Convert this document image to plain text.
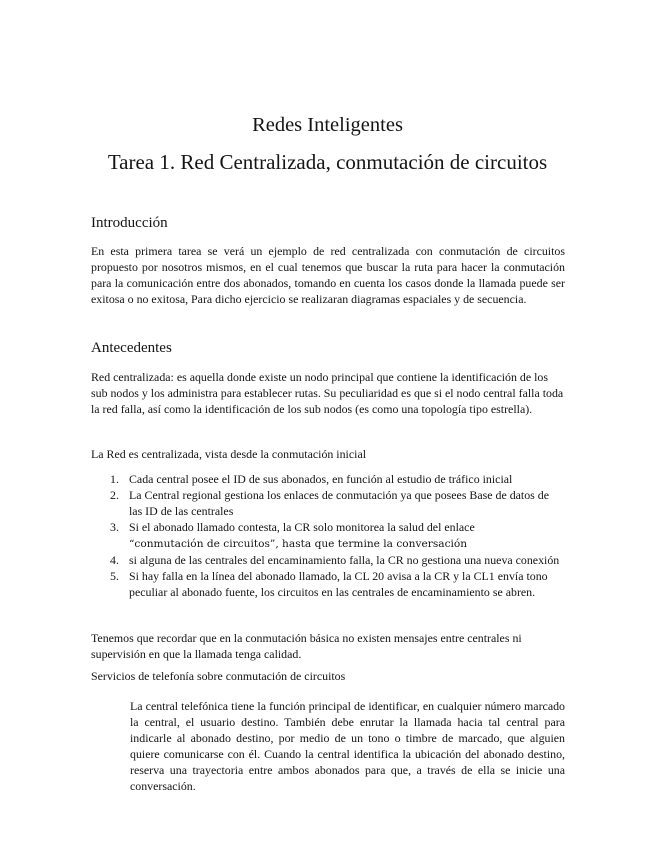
Redes Inteligentes
Tarea 1. Red Centralizada, conmutación de circuitos
Introducción
En esta primera tarea se verá un ejemplo de red centralizada con conmutación de circuitos propuesto por nosotros mismos, en el cual tenemos que buscar la ruta para hacer la conmutación para la comunicación entre dos abonados, tomando en cuenta los casos donde la llamada puede ser exitosa o no exitosa, Para dicho ejercicio se realizaran diagramas espaciales y de secuencia.
Antecedentes
Red centralizada: es aquella donde existe un nodo principal que contiene la identificación de los sub nodos y los administra para establecer rutas. Su peculiaridad es que si el nodo central falla toda la red falla, así como la identificación de los sub nodos (es como una topología tipo estrella).
La Red es centralizada, vista desde la conmutación inicial
1. Cada central posee el ID de sus abonados, en función al estudio de tráfico inicial
2. La Central regional gestiona los enlaces de conmutación ya que posees Base de datos de las ID de las centrales
3. Si el abonado llamado contesta, la CR solo monitorea la salud del enlace
“conmutación de circuitos”, hasta que termine la conversación
4. si alguna de las centrales del encaminamiento falla, la CR no gestiona una nueva conexión
5. Si hay falla en la línea del abonado llamado, la CL 20 avisa a la CR y la CL1 envía tono peculiar al abonado fuente, los circuitos en las centrales de encaminamiento se abren.
Tenemos que recordar que en la conmutación básica no existen mensajes entre centrales ni supervisión en que la llamada tenga calidad.
Servicios de telefonía sobre conmutación de circuitos
La central telefónica tiene la función principal de identificar, en cualquier número marcado la central, el usuario destino. También debe enrutar la llamada hacia tal central para indicarle al abonado destino, por medio de un tono o timbre de marcado, que alguien quiere comunicarse con él. Cuando la central identifica la ubicación del abonado destino, reserva una trayectoria entre ambos abonados para que, a través de ella se inicie una conversación.
